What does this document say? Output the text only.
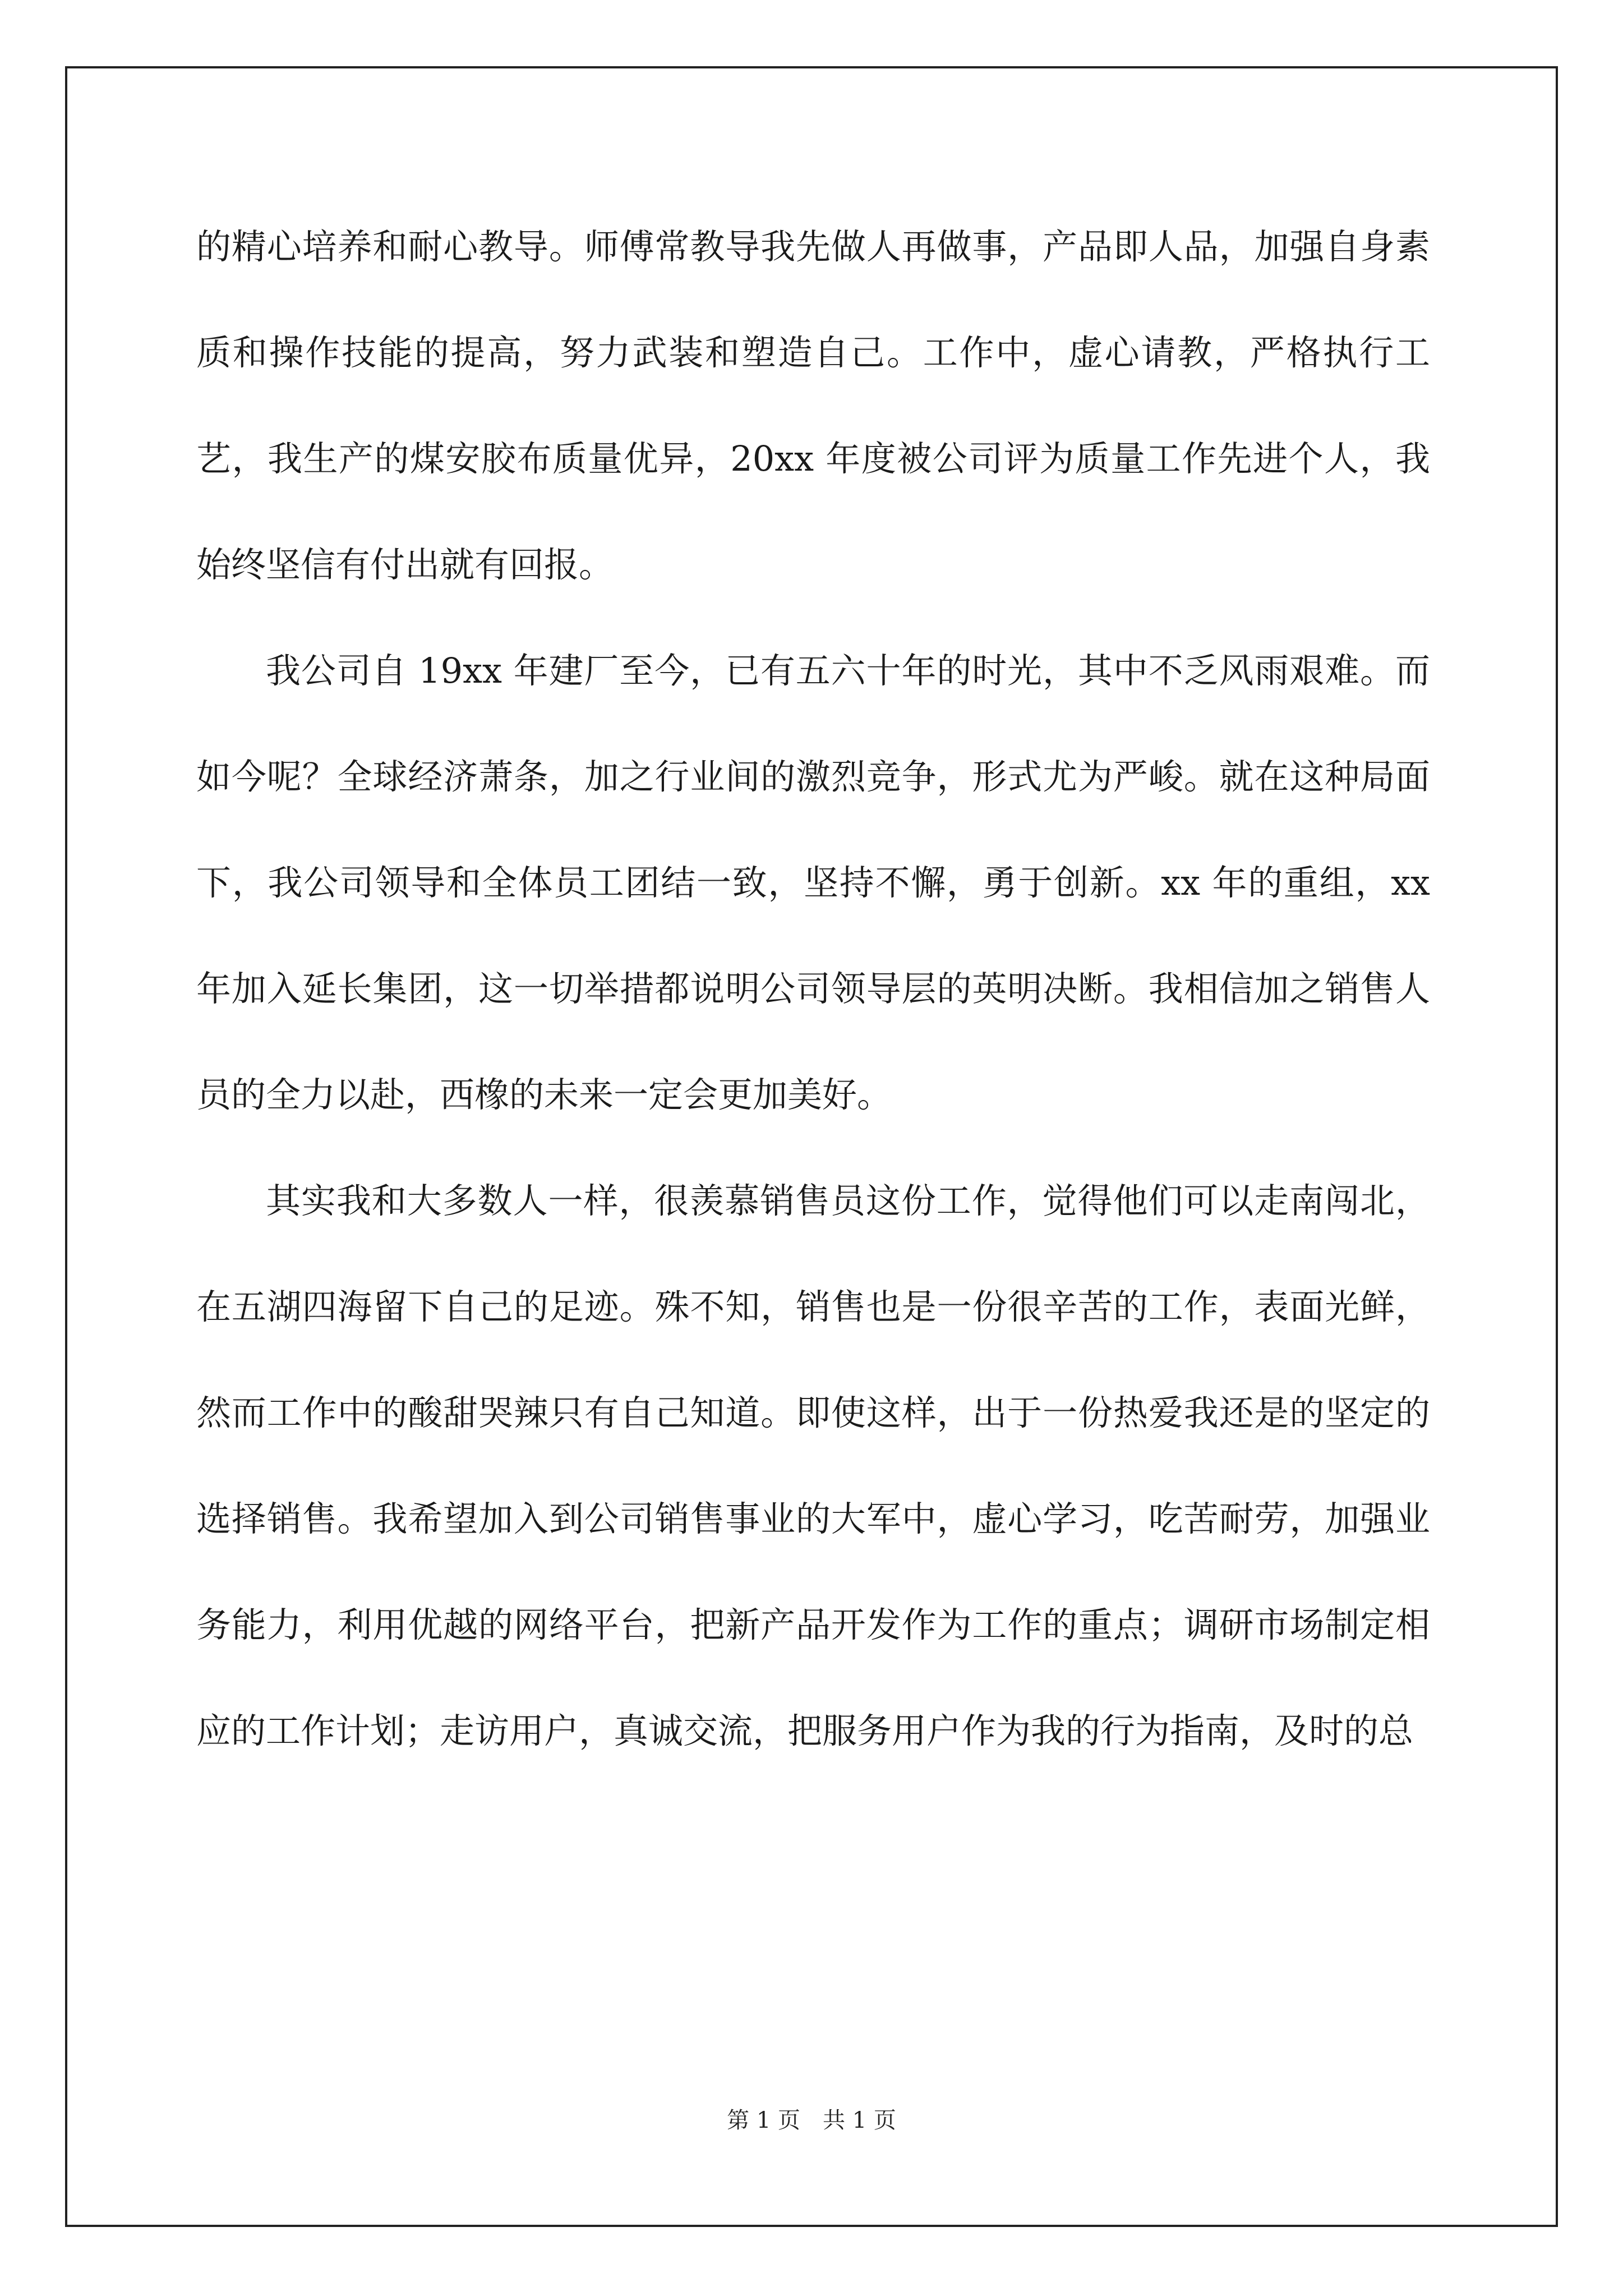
的精心培养和耐心教导。师傅常教导我先做人再做事，产品即人品，加强自身素质和操作技能的提高，努力武装和塑造自己。工作中，虚心请教，严格执行工艺，我生产的煤安胶布质量优异，20xx 年度被公司评为质量工作先进个人，我始终坚信有付出就有回报。

我公司自 19xx 年建厂至今，已有五六十年的时光，其中不乏风雨艰难。而如今呢？全球经济萧条，加之行业间的激烈竞争，形式尤为严峻。就在这种局面下，我公司领导和全体员工团结一致，坚持不懈，勇于创新。xx 年的重组，xx 年加入延长集团，这一切举措都说明公司领导层的英明决断。我相信加之销售人员的全力以赴，西橡的未来一定会更加美好。

其实我和大多数人一样，很羡慕销售员这份工作，觉得他们可以走南闯北，在五湖四海留下自己的足迹。殊不知，销售也是一份很辛苦的工作，表面光鲜，然而工作中的酸甜哭辣只有自己知道。即使这样，出于一份热爱我还是的坚定的选择销售。我希望加入到公司销售事业的大军中，虚心学习，吃苦耐劳，加强业务能力，利用优越的网络平台，把新产品开发作为工作的重点；调研市场制定相应的工作计划；走访用户，真诚交流，把服务用户作为我的行为指南，及时的总

第 1 页　共 1 页
